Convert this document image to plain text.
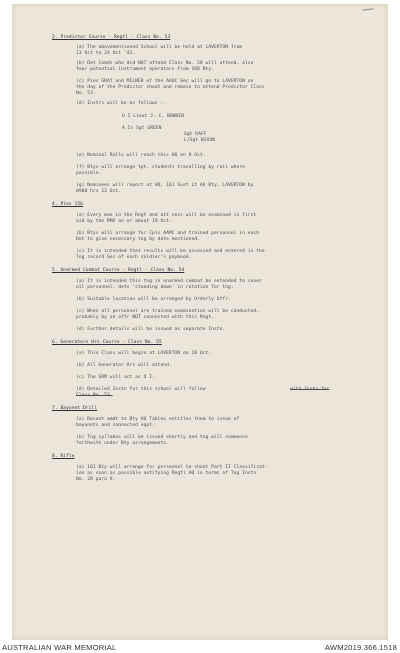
2. Predictor Course - Regtl - Class No. 53
(a) The abovementioned School will be held at LAVERTON from
13 Oct to 24 Oct '43.
(b) Det Comds who did NOT attend Class No. 50 will attend, also
four potential instrument operators from 16D Bty.
(c) Pies GRAY and MILNER of the AAOC Sec will go to LAVERTON on
the day of the Predictor shoot and remain to attend Predictor Class
No. 53.
(d) Instrs will be as follows :-
O I Lieut J. C. BOWDEN
A Is Sgt GREEN
Sgt RAFF
L/Sgt NIXON
(e) Nominal Rolls will reach this HQ on 9 Oct.
(f) Btys will arrange tpt, students travelling by rail where
possible.
(g) Nominees will report at HQ, 161 Sust Lt AA Bty, LAVERTON by
0900 hrs 13 Oct.
4. Pies 156
(a) Every man in the Regt and att secs will be examined in first
aid by the RMO on or about 19 Oct.
(b) Btys will arrange for Cpls AAMC and trained personnel in each
Det to give necessary tng by date mentioned.
(c) It is intended that results will be assessed and entered in the
Tng record Sec of each soldier's paybook.
5. Unarmed Combat Course - Regtl - Class No. 54
(a) It is intended this tng in unarmed combat be extended to cover
all personnel, dets 'standing down' in rotation for tng.
(b) Suitable location will be arranged by Orderly Offr.
(c) When all personnel are trained examination will be conducted,
probably by an offr NOT connected with this Regt.
(d) Further details will be issued as separate Instn.
6. Generators Hrs Course - Class No. 55
(a) This Class will begin at LAVERTON on 18 Oct.
(b) All Generator Ors will attend.
(c) The GRM will act as O I.
(d) Detailed Instn for this school will follow	with Instn for
Class No. 53.
7. Bayonet Drill
(a) Recent amdt to Bty HQ Tables entitles them to issue of
bayonets and connected eqpt.
(b) Tng syllabus will be issued shortly and tng will commence
forthwith under Bty arrangements.
8. Rifle
(a) 161 Bty will arrange for personnel to shoot Part II Classificat-
ion as soon as possible notifying Regtl HQ in terms of Tng Instn
No. 28 para 9.
AUSTRALIAN WAR MEMORIAL	AWM2019.366.1518
